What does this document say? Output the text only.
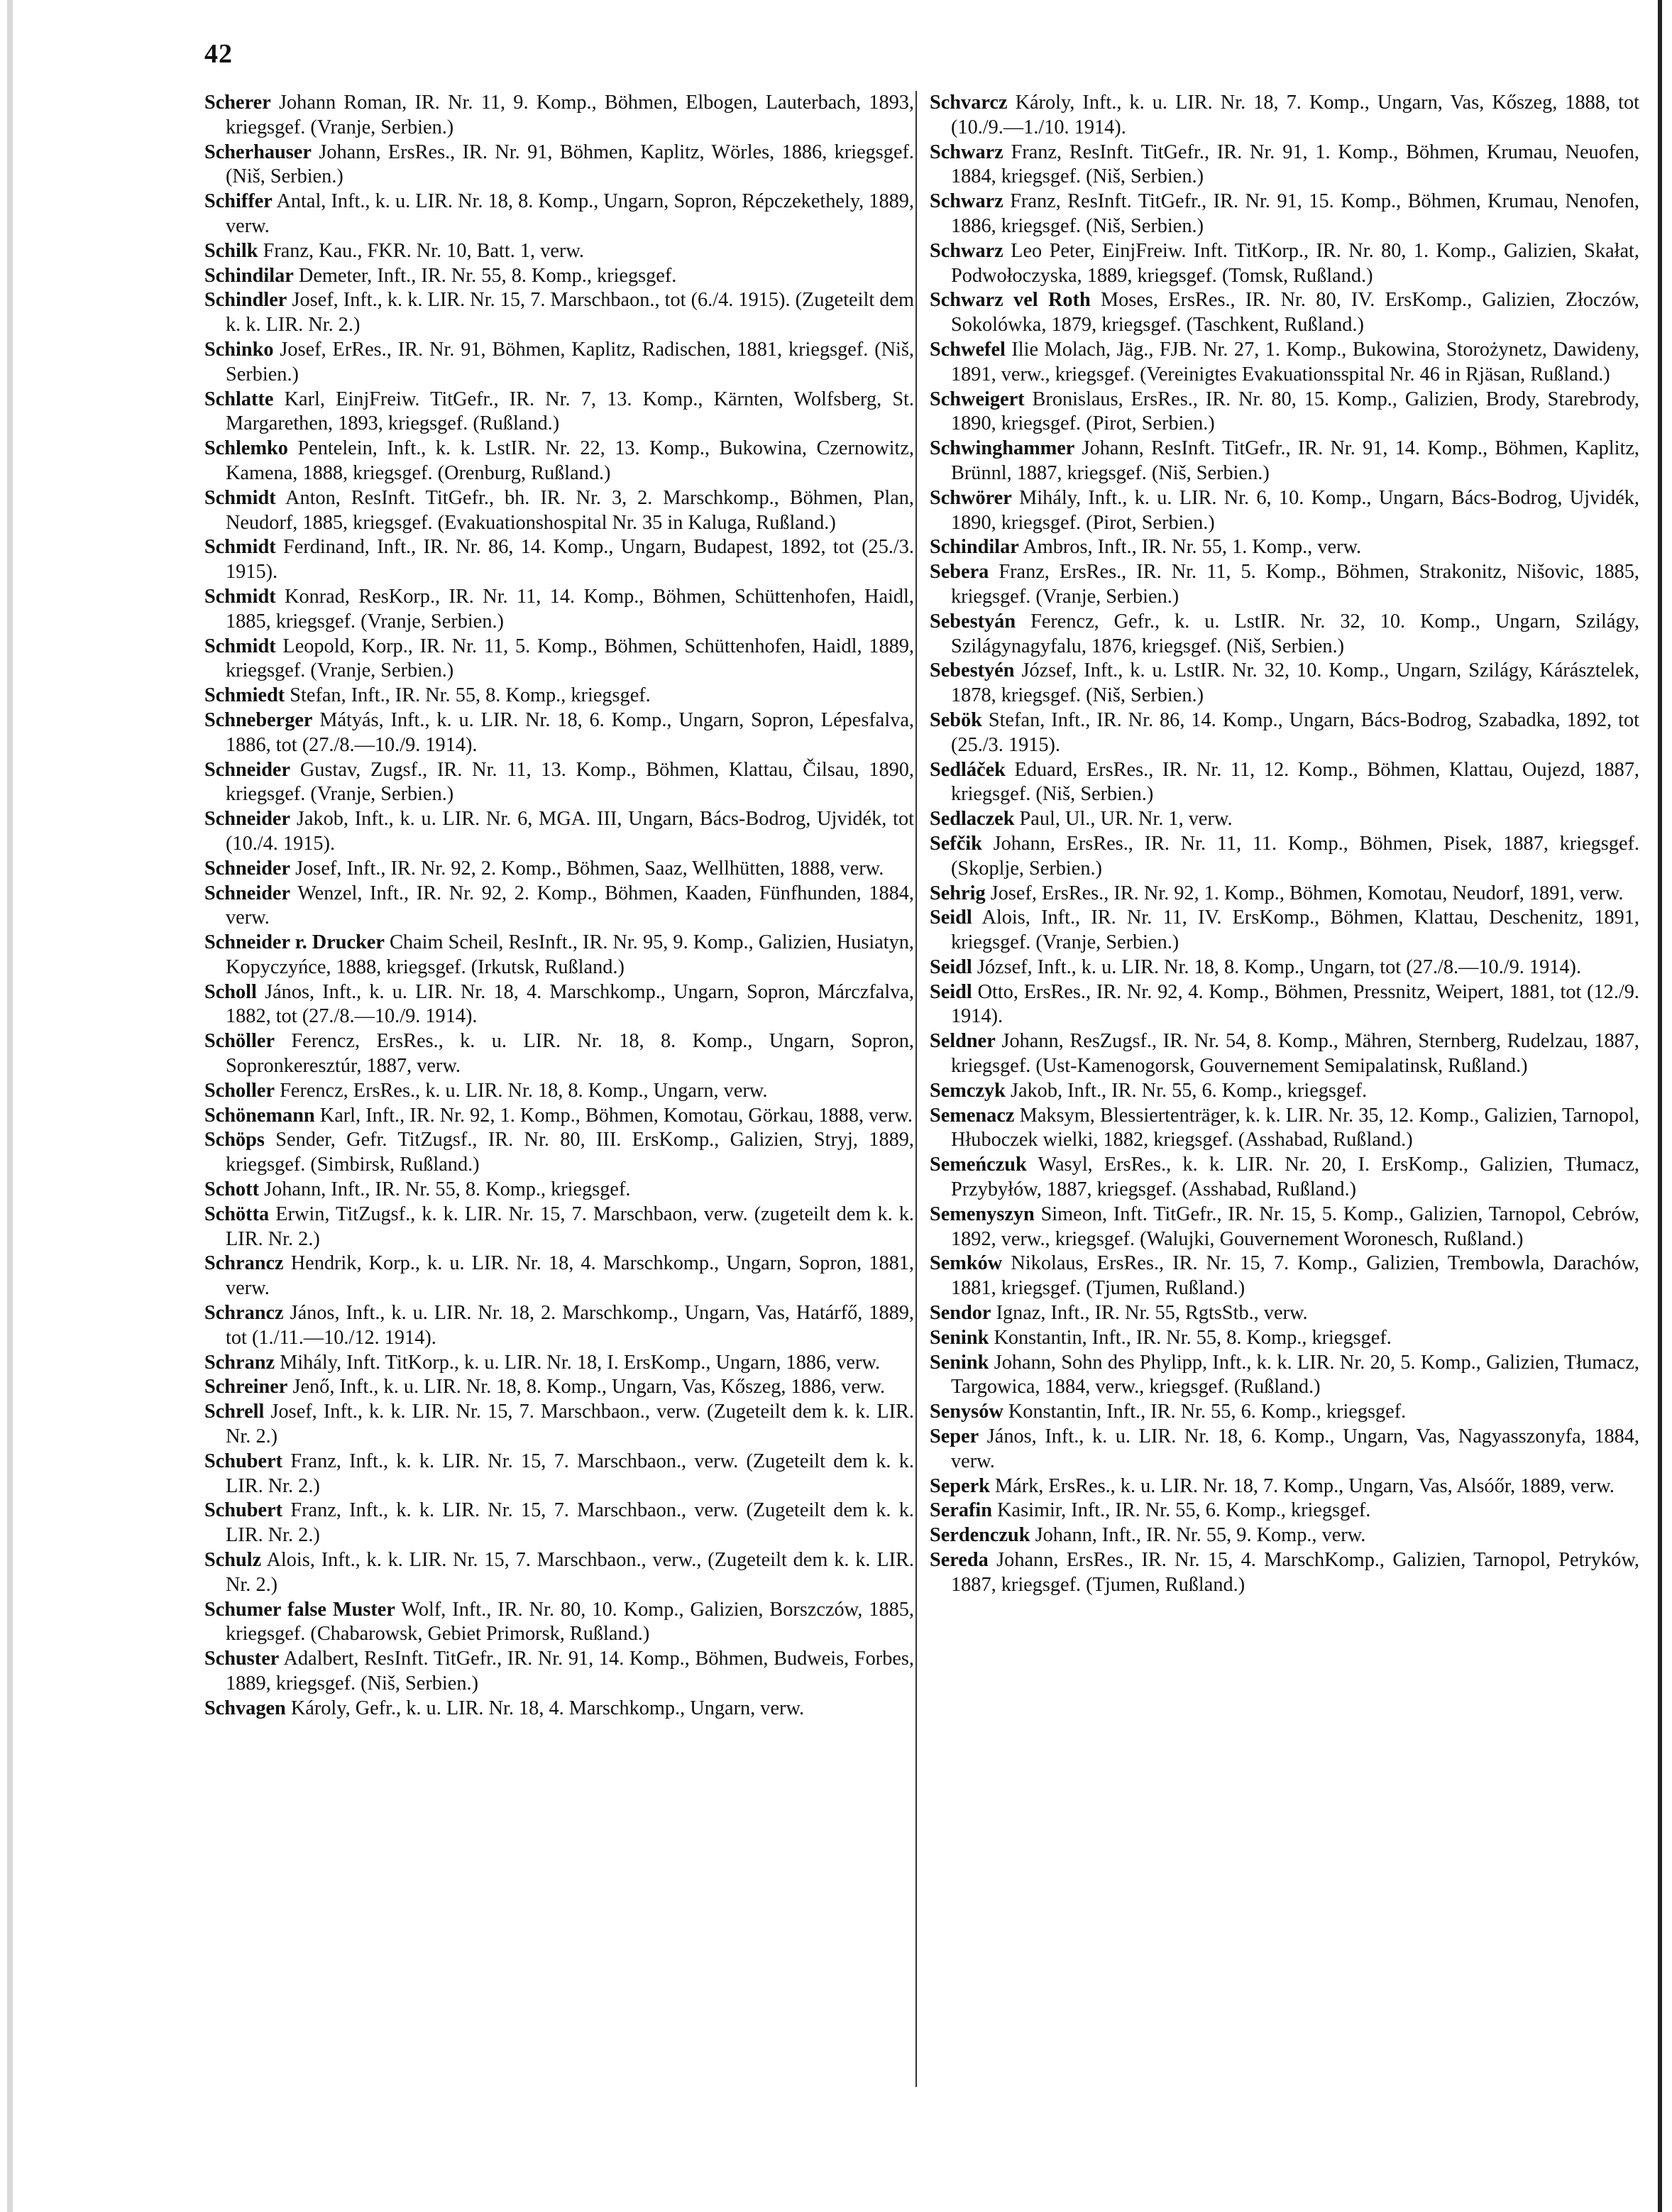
42

Scherer Johann Roman, IR. Nr. 11, 9. Komp., Böhmen, Elbogen, Lauterbach, 1893, kriegsgef. (Vranje, Serbien.)

Scherhauser Johann, ErsRes., IR. Nr. 91, Böhmen, Kaplitz, Wörles, 1886, kriegsgef. (Niš, Serbien.)

Schiffer Antal, Inft., k. u. LIR. Nr. 18, 8. Komp., Ungarn, Sopron, Répczekethely, 1889, verw.

Schilk Franz, Kau., FKR. Nr. 10, Batt. 1, verw.

Schindilar Demeter, Inft., IR. Nr. 55, 8. Komp., kriegsgef.

Schindler Josef, Inft., k. k. LIR. Nr. 15, 7. Marschbaon., tot (6./4. 1915). (Zugeteilt dem k. k. LIR. Nr. 2.)

Schinko Josef, ErRes., IR. Nr. 91, Böhmen, Kaplitz, Radischen, 1881, kriegsgef. (Niš, Serbien.)

Schlatte Karl, EinjFreiw. TitGefr., IR. Nr. 7, 13. Komp., Kärnten, Wolfsberg, St. Margarethen, 1893, kriegsgef. (Rußland.)

Schlemko Pentelein, Inft., k. k. LstIR. Nr. 22, 13. Komp., Bukowina, Czernowitz, Kamena, 1888, kriegsgef. (Orenburg, Rußland.)

Schmidt Anton, ResInft. TitGefr., bh. IR. Nr. 3, 2. Marschkomp., Böhmen, Plan, Neudorf, 1885, kriegsgef. (Evakuationshospital Nr. 35 in Kaluga, Rußland.)

Schmidt Ferdinand, Inft., IR. Nr. 86, 14. Komp., Ungarn, Budapest, 1892, tot (25./3. 1915).

Schmidt Konrad, ResKorp., IR. Nr. 11, 14. Komp., Böhmen, Schüttenhofen, Haidl, 1885, kriegsgef. (Vranje, Serbien.)

Schmidt Leopold, Korp., IR. Nr. 11, 5. Komp., Böhmen, Schüttenhofen, Haidl, 1889, kriegsgef. (Vranje, Serbien.)

Schmiedt Stefan, Inft., IR. Nr. 55, 8. Komp., kriegsgef.

Schneberger Mátyás, Inft., k. u. LIR. Nr. 18, 6. Komp., Ungarn, Sopron, Lépesfalva, 1886, tot (27./8.—10./9. 1914).

Schneider Gustav, Zugsf., IR. Nr. 11, 13. Komp., Böhmen, Klattau, Čilsau, 1890, kriegsgef. (Vranje, Serbien.)

Schneider Jakob, Inft., k. u. LIR. Nr. 6, MGA. III, Ungarn, Bács-Bodrog, Ujvidék, tot (10./4. 1915).

Schneider Josef, Inft., IR. Nr. 92, 2. Komp., Böhmen, Saaz, Wellhütten, 1888, verw.

Schneider Wenzel, Inft., IR. Nr. 92, 2. Komp., Böhmen, Kaaden, Fünfhunden, 1884, verw.

Schneider r. Drucker Chaim Scheil, ResInft., IR. Nr. 95, 9. Komp., Galizien, Husiatyn, Kopyczyńce, 1888, kriegsgef. (Irkutsk, Rußland.)

Scholl János, Inft., k. u. LIR. Nr. 18, 4. Marschkomp., Ungarn, Sopron, Márczfalva, 1882, tot (27./8.—10./9. 1914).

Schöller Ferencz, ErsRes., k. u. LIR. Nr. 18, 8. Komp., Ungarn, Sopron, Sopronkeresztúr, 1887, verw.

Scholler Ferencz, ErsRes., k. u. LIR. Nr. 18, 8. Komp., Ungarn, verw.

Schönemann Karl, Inft., IR. Nr. 92, 1. Komp., Böhmen, Komotau, Görkau, 1888, verw.

Schöps Sender, Gefr. TitZugsf., IR. Nr. 80, III. ErsKomp., Galizien, Stryj, 1889, kriegsgef. (Simbirsk, Rußland.)

Schott Johann, Inft., IR. Nr. 55, 8. Komp., kriegsgef.

Schötta Erwin, TitZugsf., k. k. LIR. Nr. 15, 7. Marschbaon, verw. (zugeteilt dem k. k. LIR. Nr. 2.)

Schrancz Hendrik, Korp., k. u. LIR. Nr. 18, 4. Marschkomp., Ungarn, Sopron, 1881, verw.

Schrancz János, Inft., k. u. LIR. Nr. 18, 2. Marschkomp., Ungarn, Vas, Határfő, 1889, tot (1./11.—10./12. 1914).

Schranz Mihály, Inft. TitKorp., k. u. LIR. Nr. 18, I. ErsKomp., Ungarn, 1886, verw.

Schreiner Jenő, Inft., k. u. LIR. Nr. 18, 8. Komp., Ungarn, Vas, Kőszeg, 1886, verw.

Schrell Josef, Inft., k. k. LIR. Nr. 15, 7. Marschbaon., verw. (Zugeteilt dem k. k. LIR. Nr. 2.)

Schubert Franz, Inft., k. k. LIR. Nr. 15, 7. Marschbaon., verw. (Zugeteilt dem k. k. LIR. Nr. 2.)

Schubert Franz, Inft., k. k. LIR. Nr. 15, 7. Marschbaon., verw. (Zugeteilt dem k. k. LIR. Nr. 2.)

Schulz Alois, Inft., k. k. LIR. Nr. 15, 7. Marschbaon., verw., (Zugeteilt dem k. k. LIR. Nr. 2.)

Schumer false Muster Wolf, Inft., IR. Nr. 80, 10. Komp., Galizien, Borszczów, 1885, kriegsgef. (Chabarowsk, Gebiet Primorsk, Rußland.)

Schuster Adalbert, ResInft. TitGefr., IR. Nr. 91, 14. Komp., Böhmen, Budweis, Forbes, 1889, kriegsgef. (Niš, Serbien.)

Schvagen Károly, Gefr., k. u. LIR. Nr. 18, 4. Marschkomp., Ungarn, verw.

Schvarcz Károly, Inft., k. u. LIR. Nr. 18, 7. Komp., Ungarn, Vas, Kőszeg, 1888, tot (10./9.—1./10. 1914).

Schwarz Franz, ResInft. TitGefr., IR. Nr. 91, 1. Komp., Böhmen, Krumau, Neuofen, 1884, kriegsgef. (Niš, Serbien.)

Schwarz Franz, ResInft. TitGefr., IR. Nr. 91, 15. Komp., Böhmen, Krumau, Nenofen, 1886, kriegsgef. (Niš, Serbien.)

Schwarz Leo Peter, EinjFreiw. Inft. TitKorp., IR. Nr. 80, 1. Komp., Galizien, Skałat, Podwołoczyska, 1889, kriegsgef. (Tomsk, Rußland.)

Schwarz vel Roth Moses, ErsRes., IR. Nr. 80, IV. ErsKomp., Galizien, Złoczów, Sokolówka, 1879, kriegsgef. (Taschkent, Rußland.)

Schwefel Ilie Molach, Jäg., FJB. Nr. 27, 1. Komp., Bukowina, Storożynetz, Dawideny, 1891, verw., kriegsgef. (Vereinigtes Evakuationsspital Nr. 46 in Rjäsan, Rußland.)

Schweigert Bronislaus, ErsRes., IR. Nr. 80, 15. Komp., Galizien, Brody, Starebrody, 1890, kriegsgef. (Pirot, Serbien.)

Schwinghammer Johann, ResInft. TitGefr., IR. Nr. 91, 14. Komp., Böhmen, Kaplitz, Brünnl, 1887, kriegsgef. (Niš, Serbien.)

Schwörer Mihály, Inft., k. u. LIR. Nr. 6, 10. Komp., Ungarn, Bács-Bodrog, Ujvidék, 1890, kriegsgef. (Pirot, Serbien.)

Schindilar Ambros, Inft., IR. Nr. 55, 1. Komp., verw.

Sebera Franz, ErsRes., IR. Nr. 11, 5. Komp., Böhmen, Strakonitz, Nišovic, 1885, kriegsgef. (Vranje, Serbien.)

Sebestyán Ferencz, Gefr., k. u. LstIR. Nr. 32, 10. Komp., Ungarn, Szilágy, Szilágynagyfalu, 1876, kriegsgef. (Niš, Serbien.)

Sebestyén József, Inft., k. u. LstIR. Nr. 32, 10. Komp., Ungarn, Szilágy, Kárásztelek, 1878, kriegsgef. (Niš, Serbien.)

Sebök Stefan, Inft., IR. Nr. 86, 14. Komp., Ungarn, Bács-Bodrog, Szabadka, 1892, tot (25./3. 1915).

Sedláček Eduard, ErsRes., IR. Nr. 11, 12. Komp., Böhmen, Klattau, Oujezd, 1887, kriegsgef. (Niš, Serbien.)

Sedlaczek Paul, Ul., UR. Nr. 1, verw.

Sefčik Johann, ErsRes., IR. Nr. 11, 11. Komp., Böhmen, Pisek, 1887, kriegsgef. (Skoplje, Serbien.)

Sehrig Josef, ErsRes., IR. Nr. 92, 1. Komp., Böhmen, Komotau, Neudorf, 1891, verw.

Seidl Alois, Inft., IR. Nr. 11, IV. ErsKomp., Böhmen, Klattau, Deschenitz, 1891, kriegsgef. (Vranje, Serbien.)

Seidl József, Inft., k. u. LIR. Nr. 18, 8. Komp., Ungarn, tot (27./8.—10./9. 1914).

Seidl Otto, ErsRes., IR. Nr. 92, 4. Komp., Böhmen, Pressnitz, Weipert, 1881, tot (12./9. 1914).

Seldner Johann, ResZugsf., IR. Nr. 54, 8. Komp., Mähren, Sternberg, Rudelzau, 1887, kriegsgef. (Ust-Kamenogorsk, Gouvernement Semipalatinsk, Rußland.)

Semczyk Jakob, Inft., IR. Nr. 55, 6. Komp., kriegsgef.

Semenacz Maksym, Blessiertenträger, k. k. LIR. Nr. 35, 12. Komp., Galizien, Tarnopol, Hłuboczek wielki, 1882, kriegsgef. (Asshabad, Rußland.)

Semeńczuk Wasyl, ErsRes., k. k. LIR. Nr. 20, I. ErsKomp., Galizien, Tłumacz, Przybyłów, 1887, kriegsgef. (Asshabad, Rußland.)

Semenyszyn Simeon, Inft. TitGefr., IR. Nr. 15, 5. Komp., Galizien, Tarnopol, Cebrów, 1892, verw., kriegsgef. (Walujki, Gouvernement Woronesch, Rußland.)

Semków Nikolaus, ErsRes., IR. Nr. 15, 7. Komp., Galizien, Trembowla, Darachów, 1881, kriegsgef. (Tjumen, Rußland.)

Sendor Ignaz, Inft., IR. Nr. 55, RgtsStb., verw.

Senink Konstantin, Inft., IR. Nr. 55, 8. Komp., kriegsgef.

Senink Johann, Sohn des Phylipp, Inft., k. k. LIR. Nr. 20, 5. Komp., Galizien, Tłumacz, Targowica, 1884, verw., kriegsgef. (Rußland.)

Senysów Konstantin, Inft., IR. Nr. 55, 6. Komp., kriegsgef.

Seper János, Inft., k. u. LIR. Nr. 18, 6. Komp., Ungarn, Vas, Nagyasszonyfa, 1884, verw.

Seperk Márk, ErsRes., k. u. LIR. Nr. 18, 7. Komp., Ungarn, Vas, Alsóőr, 1889, verw.

Serafin Kasimir, Inft., IR. Nr. 55, 6. Komp., kriegsgef.

Serdenczuk Johann, Inft., IR. Nr. 55, 9. Komp., verw.

Sereda Johann, ErsRes., IR. Nr. 15, 4. MarschKomp., Galizien, Tarnopol, Petryków, 1887, kriegsgef. (Tjumen, Rußland.)
